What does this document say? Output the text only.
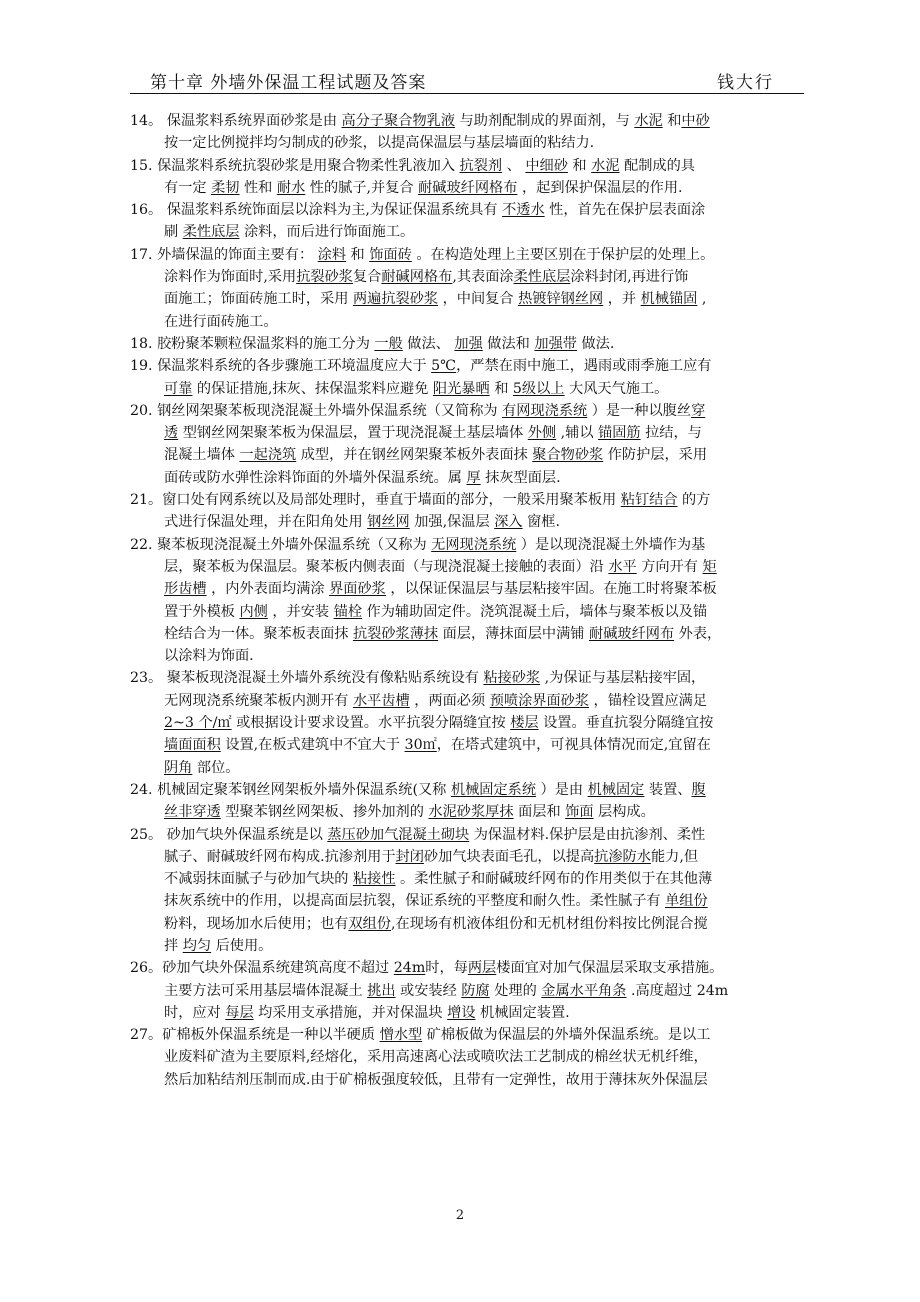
第十章 外墙外保温工程试题及答案	钱大行

14。 保温浆料系统界面砂浆是由 高分子聚合物乳液 与助剂配制成的界面剂，与 水泥 和中砂

按一定比例搅拌均匀制成的砂浆，以提高保温层与基层墙面的粘结力.

15. 保温浆料系统抗裂砂浆是用聚合物柔性乳液加入 抗裂剂 、 中细砂 和 水泥 配制成的具

有一定 柔韧 性和 耐水 性的腻子,并复合 耐碱玻纤网格布 ，起到保护保温层的作用.

16。 保温浆料系统饰面层以涂料为主,为保证保温系统具有 不透水 性，首先在保护层表面涂

刷 柔性底层 涂料，而后进行饰面施工。

17. 外墙保温的饰面主要有： 涂料 和 饰面砖 。在构造处理上主要区别在于保护层的处理上。

涂料作为饰面时,采用抗裂砂浆复合耐碱网格布,其表面涂柔性底层涂料封闭,再进行饰

面施工；饰面砖施工时，采用 两遍抗裂砂浆 ，中间复合 热镀锌钢丝网 ，并 机械锚固 ,

在进行面砖施工。

18. 胶粉聚苯颗粒保温浆料的施工分为 一般 做法、 加强 做法和 加强带 做法.

19. 保温浆料系统的各步骤施工环境温度应大于 5℃，严禁在雨中施工，遇雨或雨季施工应有

可靠 的保证措施,抹灰、抹保温浆料应避免 阳光暴晒 和 5级以上 大风天气施工。

20. 钢丝网架聚苯板现浇混凝土外墙外保温系统（又简称为 有网现浇系统 ）是一种以腹丝穿

透 型钢丝网架聚苯板为保温层，置于现浇混凝土基层墙体 外侧 ,辅以 锚固筋 拉结，与

混凝土墙体 一起浇筑 成型，并在钢丝网架聚苯板外表面抹 聚合物砂浆 作防护层，采用

面砖或防水弹性涂料饰面的外墙外保温系统。属 厚 抹灰型面层.

21。窗口处有网系统以及局部处理时，垂直于墙面的部分，一般采用聚苯板用 粘钉结合 的方

式进行保温处理，并在阳角处用 钢丝网 加强,保温层 深入 窗框.

22. 聚苯板现浇混凝土外墙外保温系统（又称为 无网现浇系统 ）是以现浇混凝土外墙作为基

层，聚苯板为保温层。聚苯板内侧表面（与现浇混凝土接触的表面）沿 水平 方向开有 矩

形齿槽 ，内外表面均满涂 界面砂浆 ，以保证保温层与基层粘接牢固。在施工时将聚苯板

置于外模板 内侧 ，并安装 锚栓 作为辅助固定件。浇筑混凝土后，墙体与聚苯板以及锚

栓结合为一体。聚苯板表面抹 抗裂砂浆薄抹 面层，薄抹面层中满铺 耐碱玻纤网布 外表，

以涂料为饰面.

23。 聚苯板现浇混凝土外墙外系统没有像粘贴系统设有 粘接砂浆 ,为保证与基层粘接牢固，

无网现浇系统聚苯板内测开有 水平齿槽 ，两面必须 预喷涂界面砂浆 ，锚栓设置应满足

2~3 个/㎡ 或根据设计要求设置。水平抗裂分隔缝宜按 楼层 设置。垂直抗裂分隔缝宜按

墙面面积 设置,在板式建筑中不宜大于 30㎡，在塔式建筑中，可视具体情况而定,宜留在

阴角 部位。

24. 机械固定聚苯钢丝网架板外墙外保温系统(又称 机械固定系统 ）是由 机械固定 装置、腹

丝非穿透 型聚苯钢丝网架板、掺外加剂的 水泥砂浆厚抹 面层和 饰面 层构成。

25。 砂加气块外保温系统是以 蒸压砂加气混凝土砌块 为保温材料.保护层是由抗渗剂、柔性

腻子、耐碱玻纤网布构成.抗渗剂用于封闭砂加气块表面毛孔，以提高抗渗防水能力,但

不减弱抹面腻子与砂加气块的 粘接性 。柔性腻子和耐碱玻纤网布的作用类似于在其他薄

抹灰系统中的作用，以提高面层抗裂，保证系统的平整度和耐久性。柔性腻子有 单组份

粉料，现场加水后使用；也有双组份,在现场有机液体组份和无机材组份料按比例混合搅

拌 均匀 后使用。

26。砂加气块外保温系统建筑高度不超过 24m时，每两层楼面宜对加气保温层采取支承措施。

主要方法可采用基层墙体混凝土 挑出 或安装经 防腐 处理的 金属水平角条 .高度超过 24m

时，应对 每层 均采用支承措施，并对保温块 增设 机械固定装置.

27。矿棉板外保温系统是一种以半硬质 憎水型 矿棉板做为保温层的外墙外保温系统。是以工

业废料矿渣为主要原料,经熔化，采用高速离心法或喷吹法工艺制成的棉丝状无机纤维，

然后加粘结剂压制而成.由于矿棉板强度较低，且带有一定弹性，故用于薄抹灰外保温层

2
